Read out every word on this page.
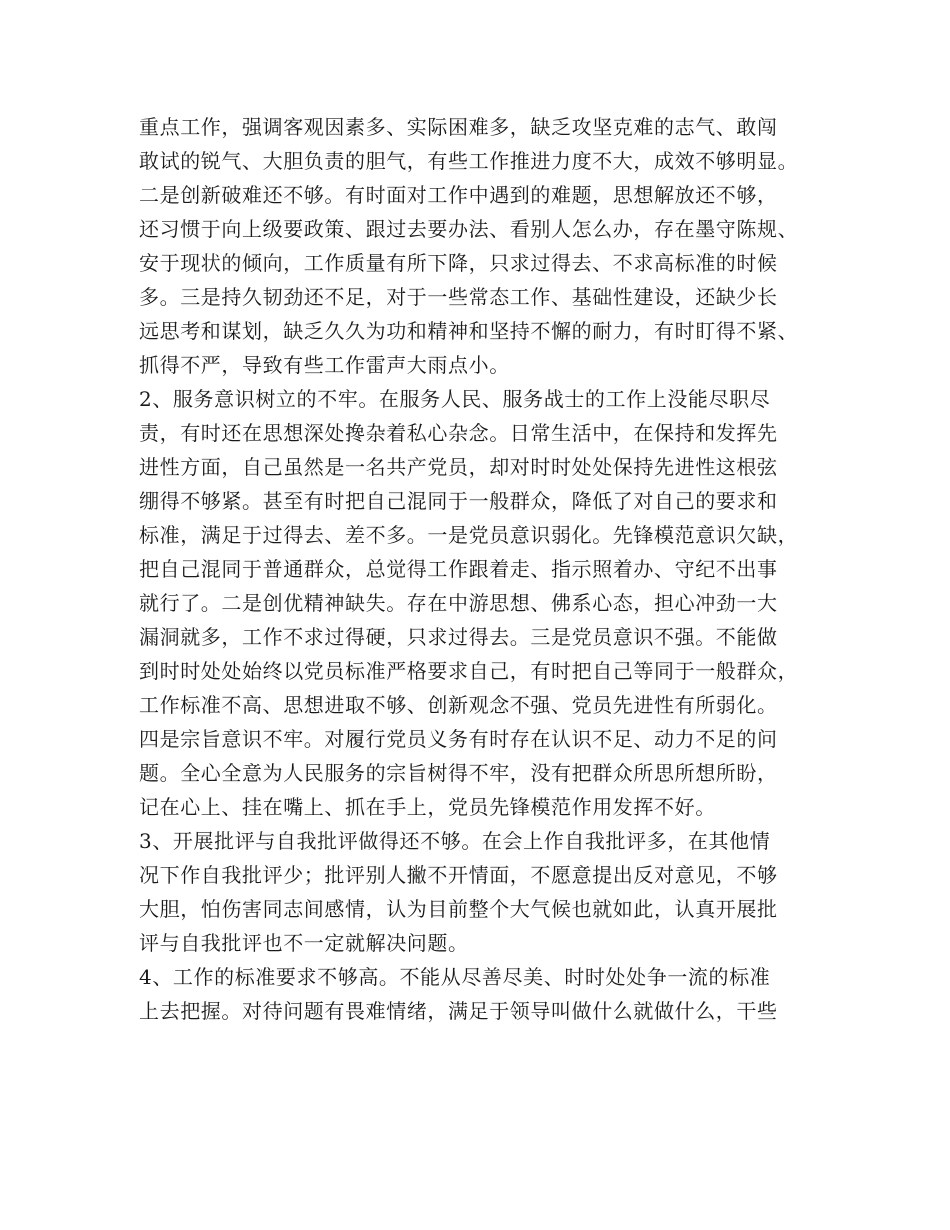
重点工作，强调客观因素多、实际困难多，缺乏攻坚克难的志气、敢闯
敢试的锐气、大胆负责的胆气，有些工作推进力度不大，成效不够明显。
二是创新破难还不够。有时面对工作中遇到的难题，思想解放还不够，
还习惯于向上级要政策、跟过去要办法、看别人怎么办，存在墨守陈规、
安于现状的倾向，工作质量有所下降，只求过得去、不求高标准的时候
多。三是持久韧劲还不足，对于一些常态工作、基础性建设，还缺少长
远思考和谋划，缺乏久久为功和精神和坚持不懈的耐力，有时盯得不紧、
抓得不严，导致有些工作雷声大雨点小。
2、服务意识树立的不牢。在服务人民、服务战士的工作上没能尽职尽
责，有时还在思想深处搀杂着私心杂念。日常生活中，在保持和发挥先
进性方面，自己虽然是一名共产党员，却对时时处处保持先进性这根弦
绷得不够紧。甚至有时把自己混同于一般群众，降低了对自己的要求和
标准，满足于过得去、差不多。一是党员意识弱化。先锋模范意识欠缺，
把自己混同于普通群众，总觉得工作跟着走、指示照着办、守纪不出事
就行了。二是创优精神缺失。存在中游思想、佛系心态，担心冲劲一大
漏洞就多，工作不求过得硬，只求过得去。三是党员意识不强。不能做
到时时处处始终以党员标准严格要求自己，有时把自己等同于一般群众，
工作标准不高、思想进取不够、创新观念不强、党员先进性有所弱化。
四是宗旨意识不牢。对履行党员义务有时存在认识不足、动力不足的问
题。全心全意为人民服务的宗旨树得不牢，没有把群众所思所想所盼，
记在心上、挂在嘴上、抓在手上，党员先锋模范作用发挥不好。
3、开展批评与自我批评做得还不够。在会上作自我批评多，在其他情
况下作自我批评少；批评别人撇不开情面，不愿意提出反对意见，不够
大胆，怕伤害同志间感情，认为目前整个大气候也就如此，认真开展批
评与自我批评也不一定就解决问题。
4、工作的标准要求不够高。不能从尽善尽美、时时处处争一流的标准
上去把握。对待问题有畏难情绪，满足于领导叫做什么就做什么，干些
